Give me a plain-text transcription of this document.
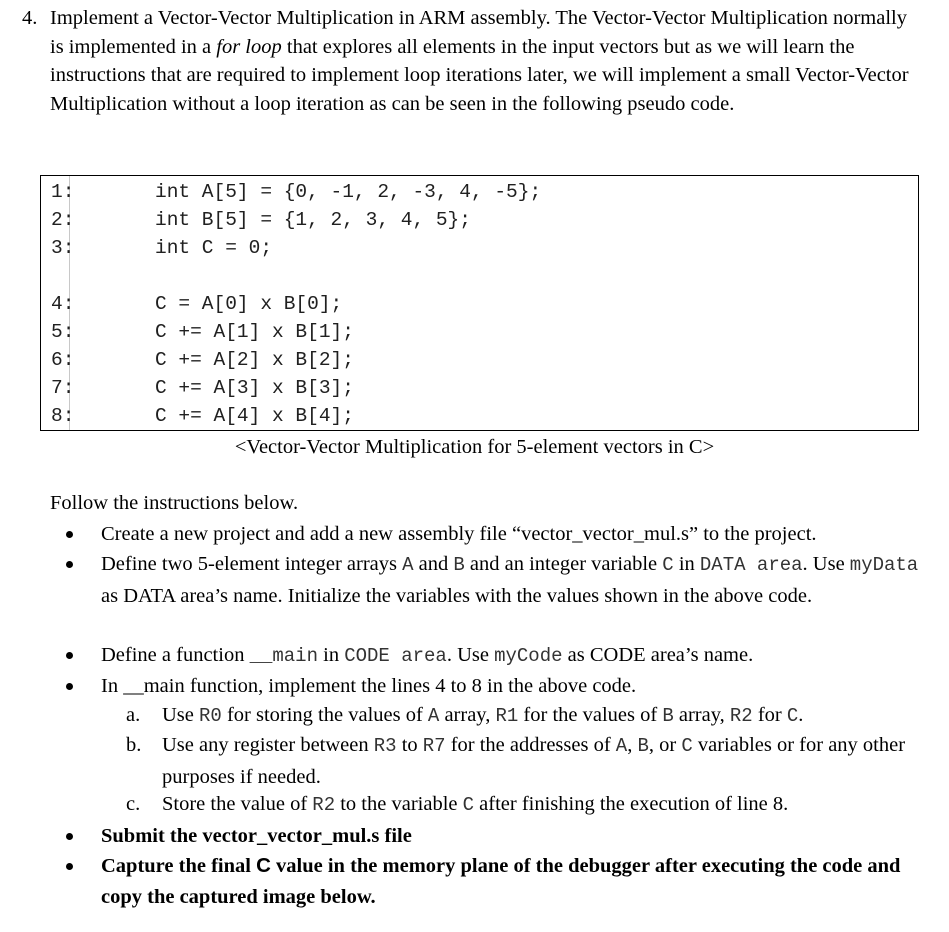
4. Implement a Vector-Vector Multiplication in ARM assembly. The Vector-Vector Multiplication normally is implemented in a for loop that explores all elements in the input vectors but as we will learn the instructions that are required to implement loop iterations later, we will implement a small Vector-Vector Multiplication without a loop iteration as can be seen in the following pseudo code.
1:	int A[5] = {0, -1, 2, -3, 4, -5};
2:	int B[5] = {1, 2, 3, 4, 5};
3:	int C = 0;
4:	C = A[0] x B[0];
5:	C += A[1] x B[1];
6:	C += A[2] x B[2];
7:	C += A[3] x B[3];
8:	C += A[4] x B[4];
<Vector-Vector Multiplication for 5-element vectors in C>
Follow the instructions below.
Create a new project and add a new assembly file “vector_vector_mul.s” to the project.
Define two 5-element integer arrays A and B and an integer variable C in DATA area. Use myData as DATA area’s name. Initialize the variables with the values shown in the above code.
Define a function __main in CODE area. Use myCode as CODE area’s name.
In __main function, implement the lines 4 to 8 in the above code.
a. Use R0 for storing the values of A array, R1 for the values of B array, R2 for C.
b. Use any register between R3 to R7 for the addresses of A, B, or C variables or for any other purposes if needed.
c. Store the value of R2 to the variable C after finishing the execution of line 8.
Submit the vector_vector_mul.s file
Capture the final C value in the memory plane of the debugger after executing the code and copy the captured image below.
